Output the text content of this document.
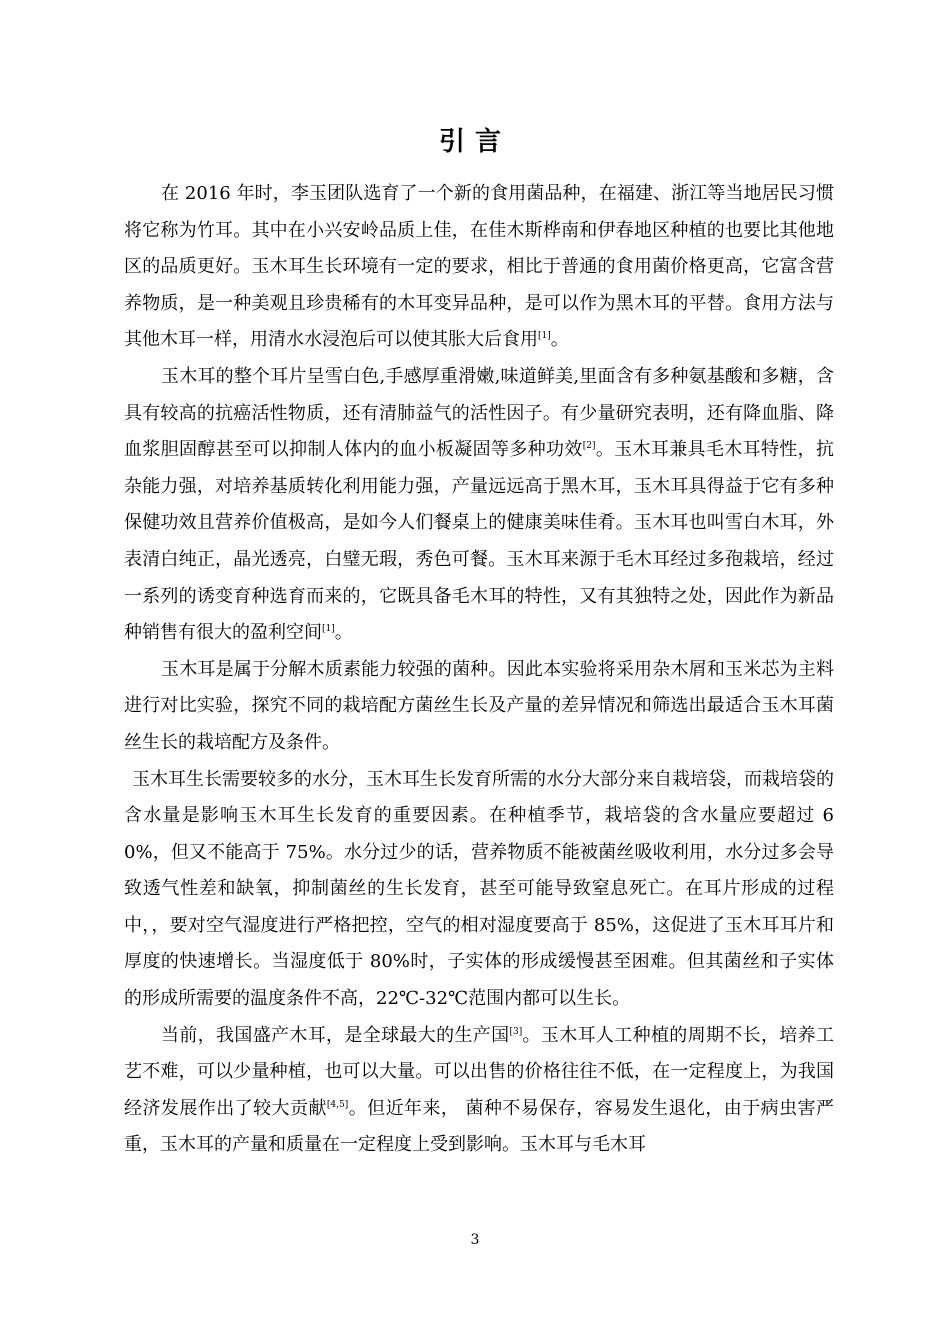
引言

在 2016 年时，李玉团队选育了一个新的食用菌品种，在福建、浙江等当地居民习惯将它称为竹耳。其中在小兴安岭品质上佳，在佳木斯桦南和伊春地区种植的也要比其他地区的品质更好。玉木耳生长环境有一定的要求，相比于普通的食用菌价格更高，它富含营养物质，是一种美观且珍贵稀有的木耳变异品种，是可以作为黑木耳的平替。食用方法与其他木耳一样，用清水水浸泡后可以使其胀大后食用[1]。

玉木耳的整个耳片呈雪白色,手感厚重滑嫩,味道鲜美,里面含有多种氨基酸和多糖，含具有较高的抗癌活性物质，还有清肺益气的活性因子。有少量研究表明，还有降血脂、降血浆胆固醇甚至可以抑制人体内的血小板凝固等多种功效[2]。玉木耳兼具毛木耳特性，抗杂能力强，对培养基质转化利用能力强，产量远远高于黑木耳，玉木耳具得益于它有多种保健功效且营养价值极高，是如今人们餐桌上的健康美味佳肴。玉木耳也叫雪白木耳，外表清白纯正，晶光透亮，白璧无瑕，秀色可餐。玉木耳来源于毛木耳经过多孢栽培，经过一系列的诱变育种选育而来的，它既具备毛木耳的特性，又有其独特之处，因此作为新品种销售有很大的盈利空间[1]。

玉木耳是属于分解木质素能力较强的菌种。因此本实验将采用杂木屑和玉米芯为主料进行对比实验，探究不同的栽培配方菌丝生长及产量的差异情况和筛选出最适合玉木耳菌丝生长的栽培配方及条件。

玉木耳生长需要较多的水分，玉木耳生长发育所需的水分大部分来自栽培袋，而栽培袋的含水量是影响玉木耳生长发育的重要因素。在种植季节，栽培袋的含水量应要超过 60%，但又不能高于 75%。水分过少的话，营养物质不能被菌丝吸收利用，水分过多会导致透气性差和缺氧，抑制菌丝的生长发育，甚至可能导致窒息死亡。在耳片形成的过程中，，要对空气湿度进行严格把控，空气的相对湿度要高于 85%，这促进了玉木耳耳片和厚度的快速增长。当湿度低于 80%时，子实体的形成缓慢甚至困难。但其菌丝和子实体的形成所需要的温度条件不高，22℃-32℃范围内都可以生长。

当前，我国盛产木耳，是全球最大的生产国[3]。玉木耳人工种植的周期不长，培养工艺不难，可以少量种植，也可以大量。可以出售的价格往往不低，在一定程度上，为我国经济发展作出了较大贡献[4,5]。但近年来， 菌种不易保存，容易发生退化，由于病虫害严重，玉木耳的产量和质量在一定程度上受到影响。玉木耳与毛木耳

3
